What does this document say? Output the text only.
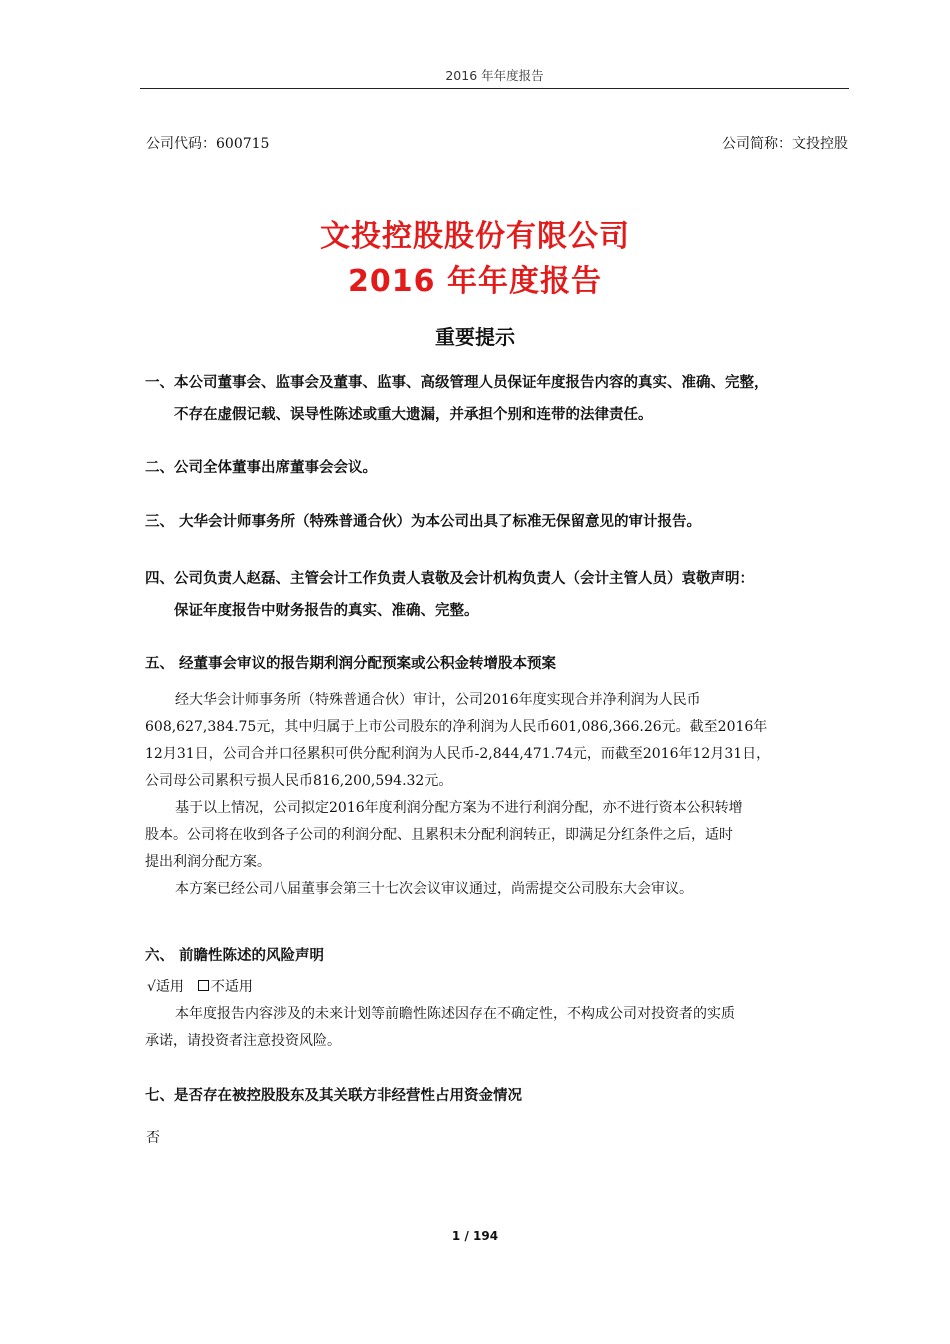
2016 年年度报告
公司代码：600715	公司简称：文投控股
文投控股股份有限公司
2016 年年度报告
重要提示
一、本公司董事会、监事会及董事、监事、高级管理人员保证年度报告内容的真实、准确、完整，
不存在虚假记载、误导性陈述或重大遗漏，并承担个别和连带的法律责任。
二、公司全体董事出席董事会会议。
三、 大华会计师事务所（特殊普通合伙）为本公司出具了标准无保留意见的审计报告。
四、公司负责人赵磊、主管会计工作负责人袁敬及会计机构负责人（会计主管人员）袁敬声明：
保证年度报告中财务报告的真实、准确、完整。
五、 经董事会审议的报告期利润分配预案或公积金转增股本预案
经大华会计师事务所（特殊普通合伙）审计，公司2016年度实现合并净利润为人民币
608,627,384.75元，其中归属于上市公司股东的净利润为人民币601,086,366.26元。截至2016年
12月31日，公司合并口径累积可供分配利润为人民币-2,844,471.74元，而截至2016年12月31日，
公司母公司累积亏损人民币816,200,594.32元。
基于以上情况，公司拟定2016年度利润分配方案为不进行利润分配，亦不进行资本公积转增
股本。公司将在收到各子公司的利润分配、且累积未分配利润转正，即满足分红条件之后，适时
提出利润分配方案。
本方案已经公司八届董事会第三十七次会议审议通过，尚需提交公司股东大会审议。
六、 前瞻性陈述的风险声明
√适用 不适用
本年度报告内容涉及的未来计划等前瞻性陈述因存在不确定性，不构成公司对投资者的实质
承诺，请投资者注意投资风险。
七、是否存在被控股股东及其关联方非经营性占用资金情况
否
1 / 194
